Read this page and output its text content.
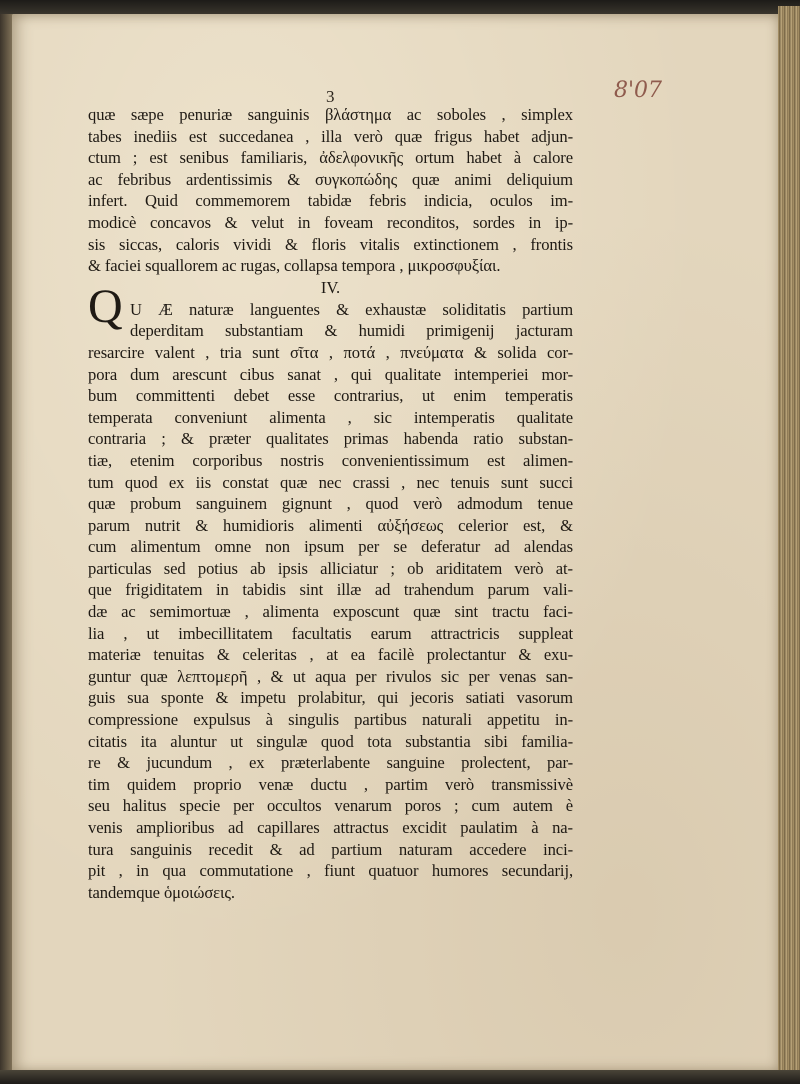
3	8'07
quæ sæpe penuriæ sanguinis βλάστημα ac soboles , simplex
tabes inediis est succedanea , illa verò quæ frigus habet adjun-
ctum ; est senibus familiaris, ἀδελφονικῆς ortum habet à calore
ac febribus ardentissimis & συγκοπώδης quæ animi deliquium
infert. Quid commemorem tabidæ febris indicia, oculos im-
modicè concavos & velut in foveam reconditos, sordes in ip-
sis siccas, caloris vividi & floris vitalis extinctionem , frontis
& faciei squallorem ac rugas, collapsa tempora , μικροσφυξίαι.
IV.
U Æ naturæ languentes & exhaustæ soliditatis partium
deperditam substantiam & humidi primigenij jacturam
resarcire valent , tria sunt σῖτα , ποτά , πνεύματα & solida cor-
pora dum arescunt cibus sanat , qui qualitate intemperiei mor-
bum committenti debet esse contrarius, ut enim temperatis
temperata conveniunt alimenta , sic intemperatis qualitate
contraria ; & præter qualitates primas habenda ratio substan-
tiæ, etenim corporibus nostris convenientissimum est alimen-
tum quod ex iis constat quæ nec crassi , nec tenuis sunt succi
quæ probum sanguinem gignunt , quod verò admodum tenue
parum nutrit & humidioris alimenti αὐξήσεως celerior est, &
cum alimentum omne non ipsum per se deferatur ad alendas
particulas sed potius ab ipsis alliciatur ; ob ariditatem verò at-
que frigiditatem in tabidis sint illæ ad trahendum parum vali-
dæ ac semimortuæ , alimenta exposcunt quæ sint tractu faci-
lia , ut imbecillitatem facultatis earum attractricis suppleat
materiæ tenuitas & celeritas , at ea facilè prolectantur & exu-
guntur quæ λεπτομερῆ , & ut aqua per rivulos sic per venas san-
guis sua sponte & impetu prolabitur, qui jecoris satiati vasorum
compressione expulsus à singulis partibus naturali appetitu in-
citatis ita aluntur ut singulæ quod tota substantia sibi familia-
re & jucundum , ex præterlabente sanguine prolectent, par-
tim quidem proprio venæ ductu , partim verò transmissivè
seu halitus specie per occultos venarum poros ; cum autem è
venis amplioribus ad capillares attractus excidit paulatim à na-
tura sanguinis recedit & ad partium naturam accedere inci-
pit , in qua commutatione , fiunt quatuor humores secundarij,
tandemque ὁμοιώσεις.
Q
